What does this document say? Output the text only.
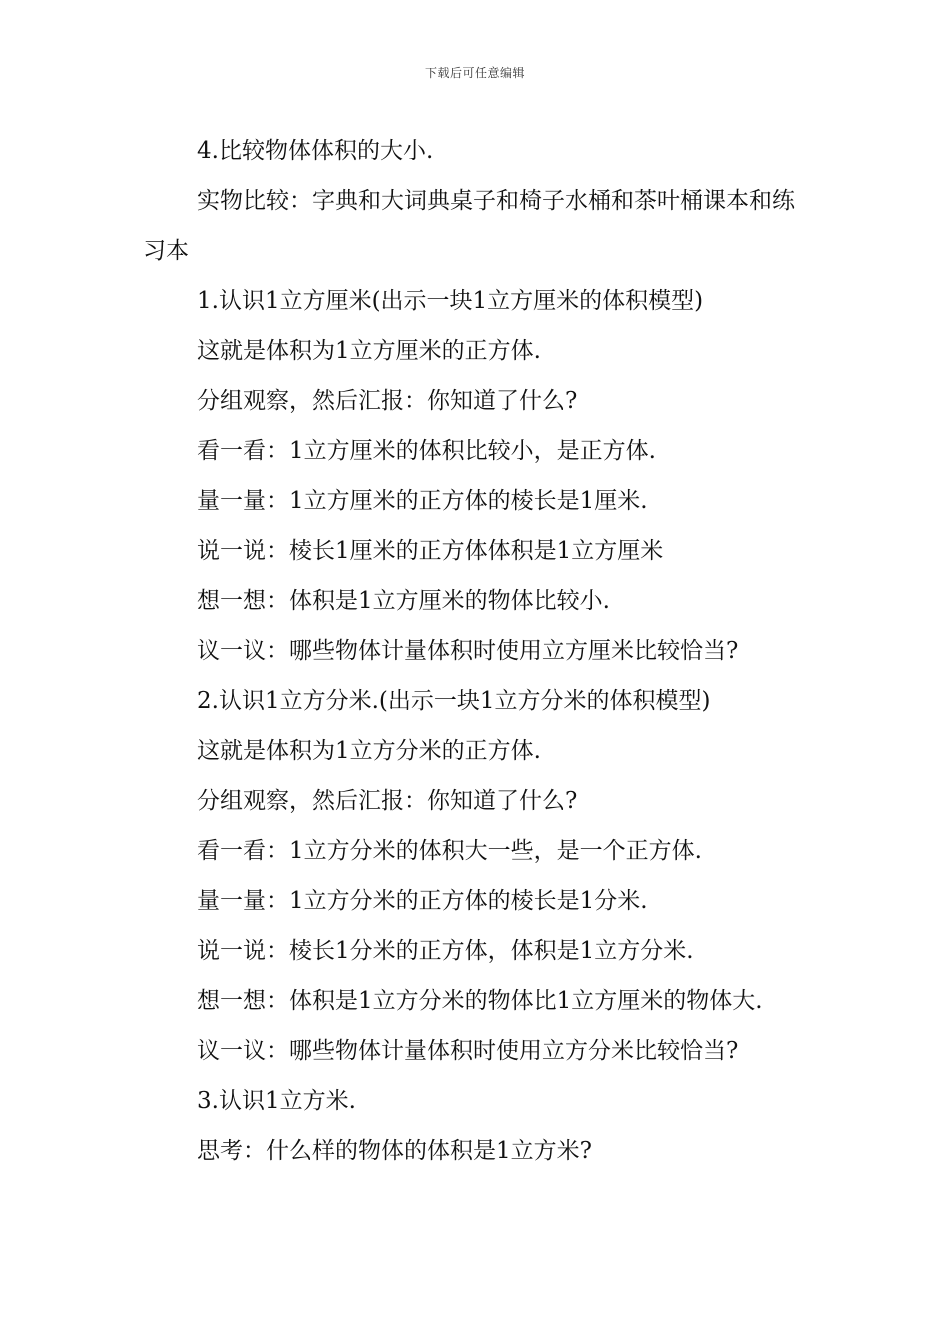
下载后可任意编辑

4.比较物体体积的大小.

实物比较：字典和大词典桌子和椅子水桶和茶叶桶课本和练习本

1.认识1立方厘米(出示一块1立方厘米的体积模型)

这就是体积为1立方厘米的正方体.

分组观察，然后汇报：你知道了什么?

看一看：1立方厘米的体积比较小，是正方体.

量一量：1立方厘米的正方体的棱长是1厘米.

说一说：棱长1厘米的正方体体积是1立方厘米

想一想：体积是1立方厘米的物体比较小.

议一议：哪些物体计量体积时使用立方厘米比较恰当?

2.认识1立方分米.(出示一块1立方分米的体积模型)

这就是体积为1立方分米的正方体.

分组观察，然后汇报：你知道了什么?

看一看：1立方分米的体积大一些，是一个正方体.

量一量：1立方分米的正方体的棱长是1分米.

说一说：棱长1分米的正方体，体积是1立方分米.

想一想：体积是1立方分米的物体比1立方厘米的物体大.

议一议：哪些物体计量体积时使用立方分米比较恰当?

3.认识1立方米.

思考：什么样的物体的体积是1立方米?
